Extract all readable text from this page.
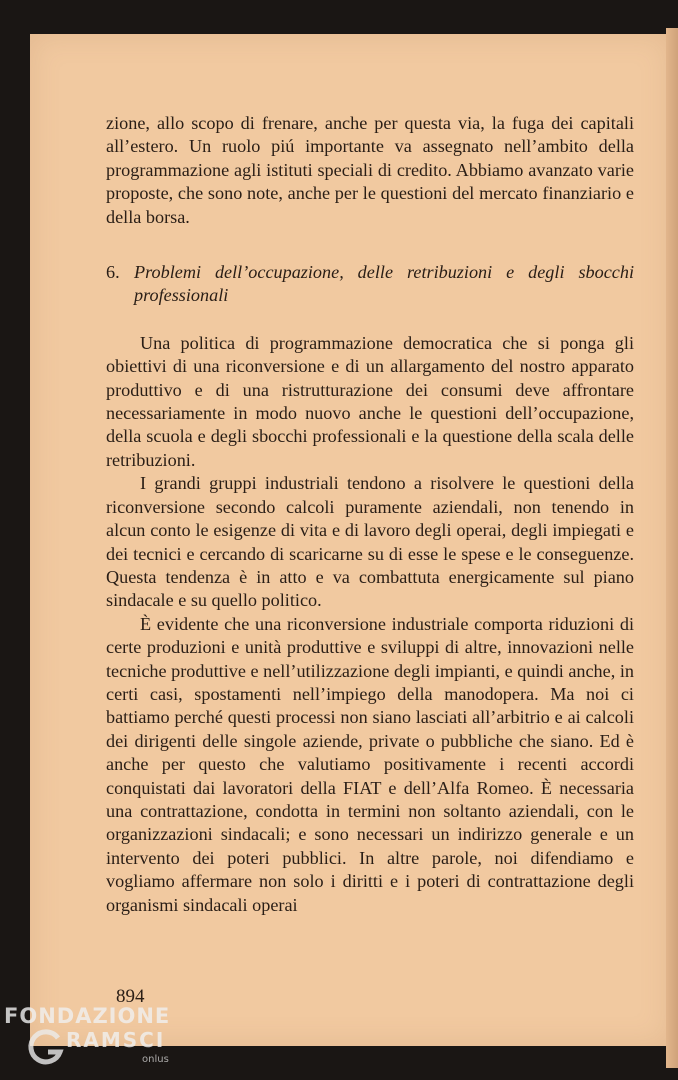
zione, allo scopo di frenare, anche per questa via, la fuga dei capitali all’estero. Un ruolo piú importante va assegnato nell’ambito della programmazione agli istituti speciali di credito. Abbiamo avanzato varie proposte, che sono note, anche per le questioni del mercato finanziario e della borsa.

6. Problemi dell’occupazione, delle retribuzioni e degli sbocchi professionali

Una politica di programmazione democratica che si ponga gli obiettivi di una riconversione e di un allargamento del nostro apparato produttivo e di una ristrutturazione dei consumi deve affrontare necessariamente in modo nuovo anche le questioni dell’occupazione, della scuola e degli sbocchi professionali e la questione della scala delle retribuzioni.

I grandi gruppi industriali tendono a risolvere le questioni della riconversione secondo calcoli puramente aziendali, non tenendo in alcun conto le esigenze di vita e di lavoro degli operai, degli impiegati e dei tecnici e cercando di scaricarne su di esse le spese e le conseguenze. Questa tendenza è in atto e va combattuta energicamente sul piano sindacale e su quello politico.

È evidente che una riconversione industriale comporta riduzioni di certe produzioni e unità produttive e sviluppi di altre, innovazioni nelle tecniche produttive e nell’utilizzazione degli impianti, e quindi anche, in certi casi, spostamenti nell’impiego della manodopera. Ma noi ci battiamo perché questi processi non siano lasciati all’arbitrio e ai calcoli dei dirigenti delle singole aziende, private o pubbliche che siano. Ed è anche per questo che valutiamo positivamente i recenti accordi conquistati dai lavoratori della FIAT e dell’Alfa Romeo. È necessaria una contrattazione, condotta in termini non soltanto aziendali, con le organizzazioni sindacali; e sono necessari un indirizzo generale e un intervento dei poteri pubblici. In altre parole, noi difendiamo e vogliamo affermare non solo i diritti e i poteri di contrattazione degli organismi sindacali operai

894
FONDAZIONE
RAMSCI
onlus
